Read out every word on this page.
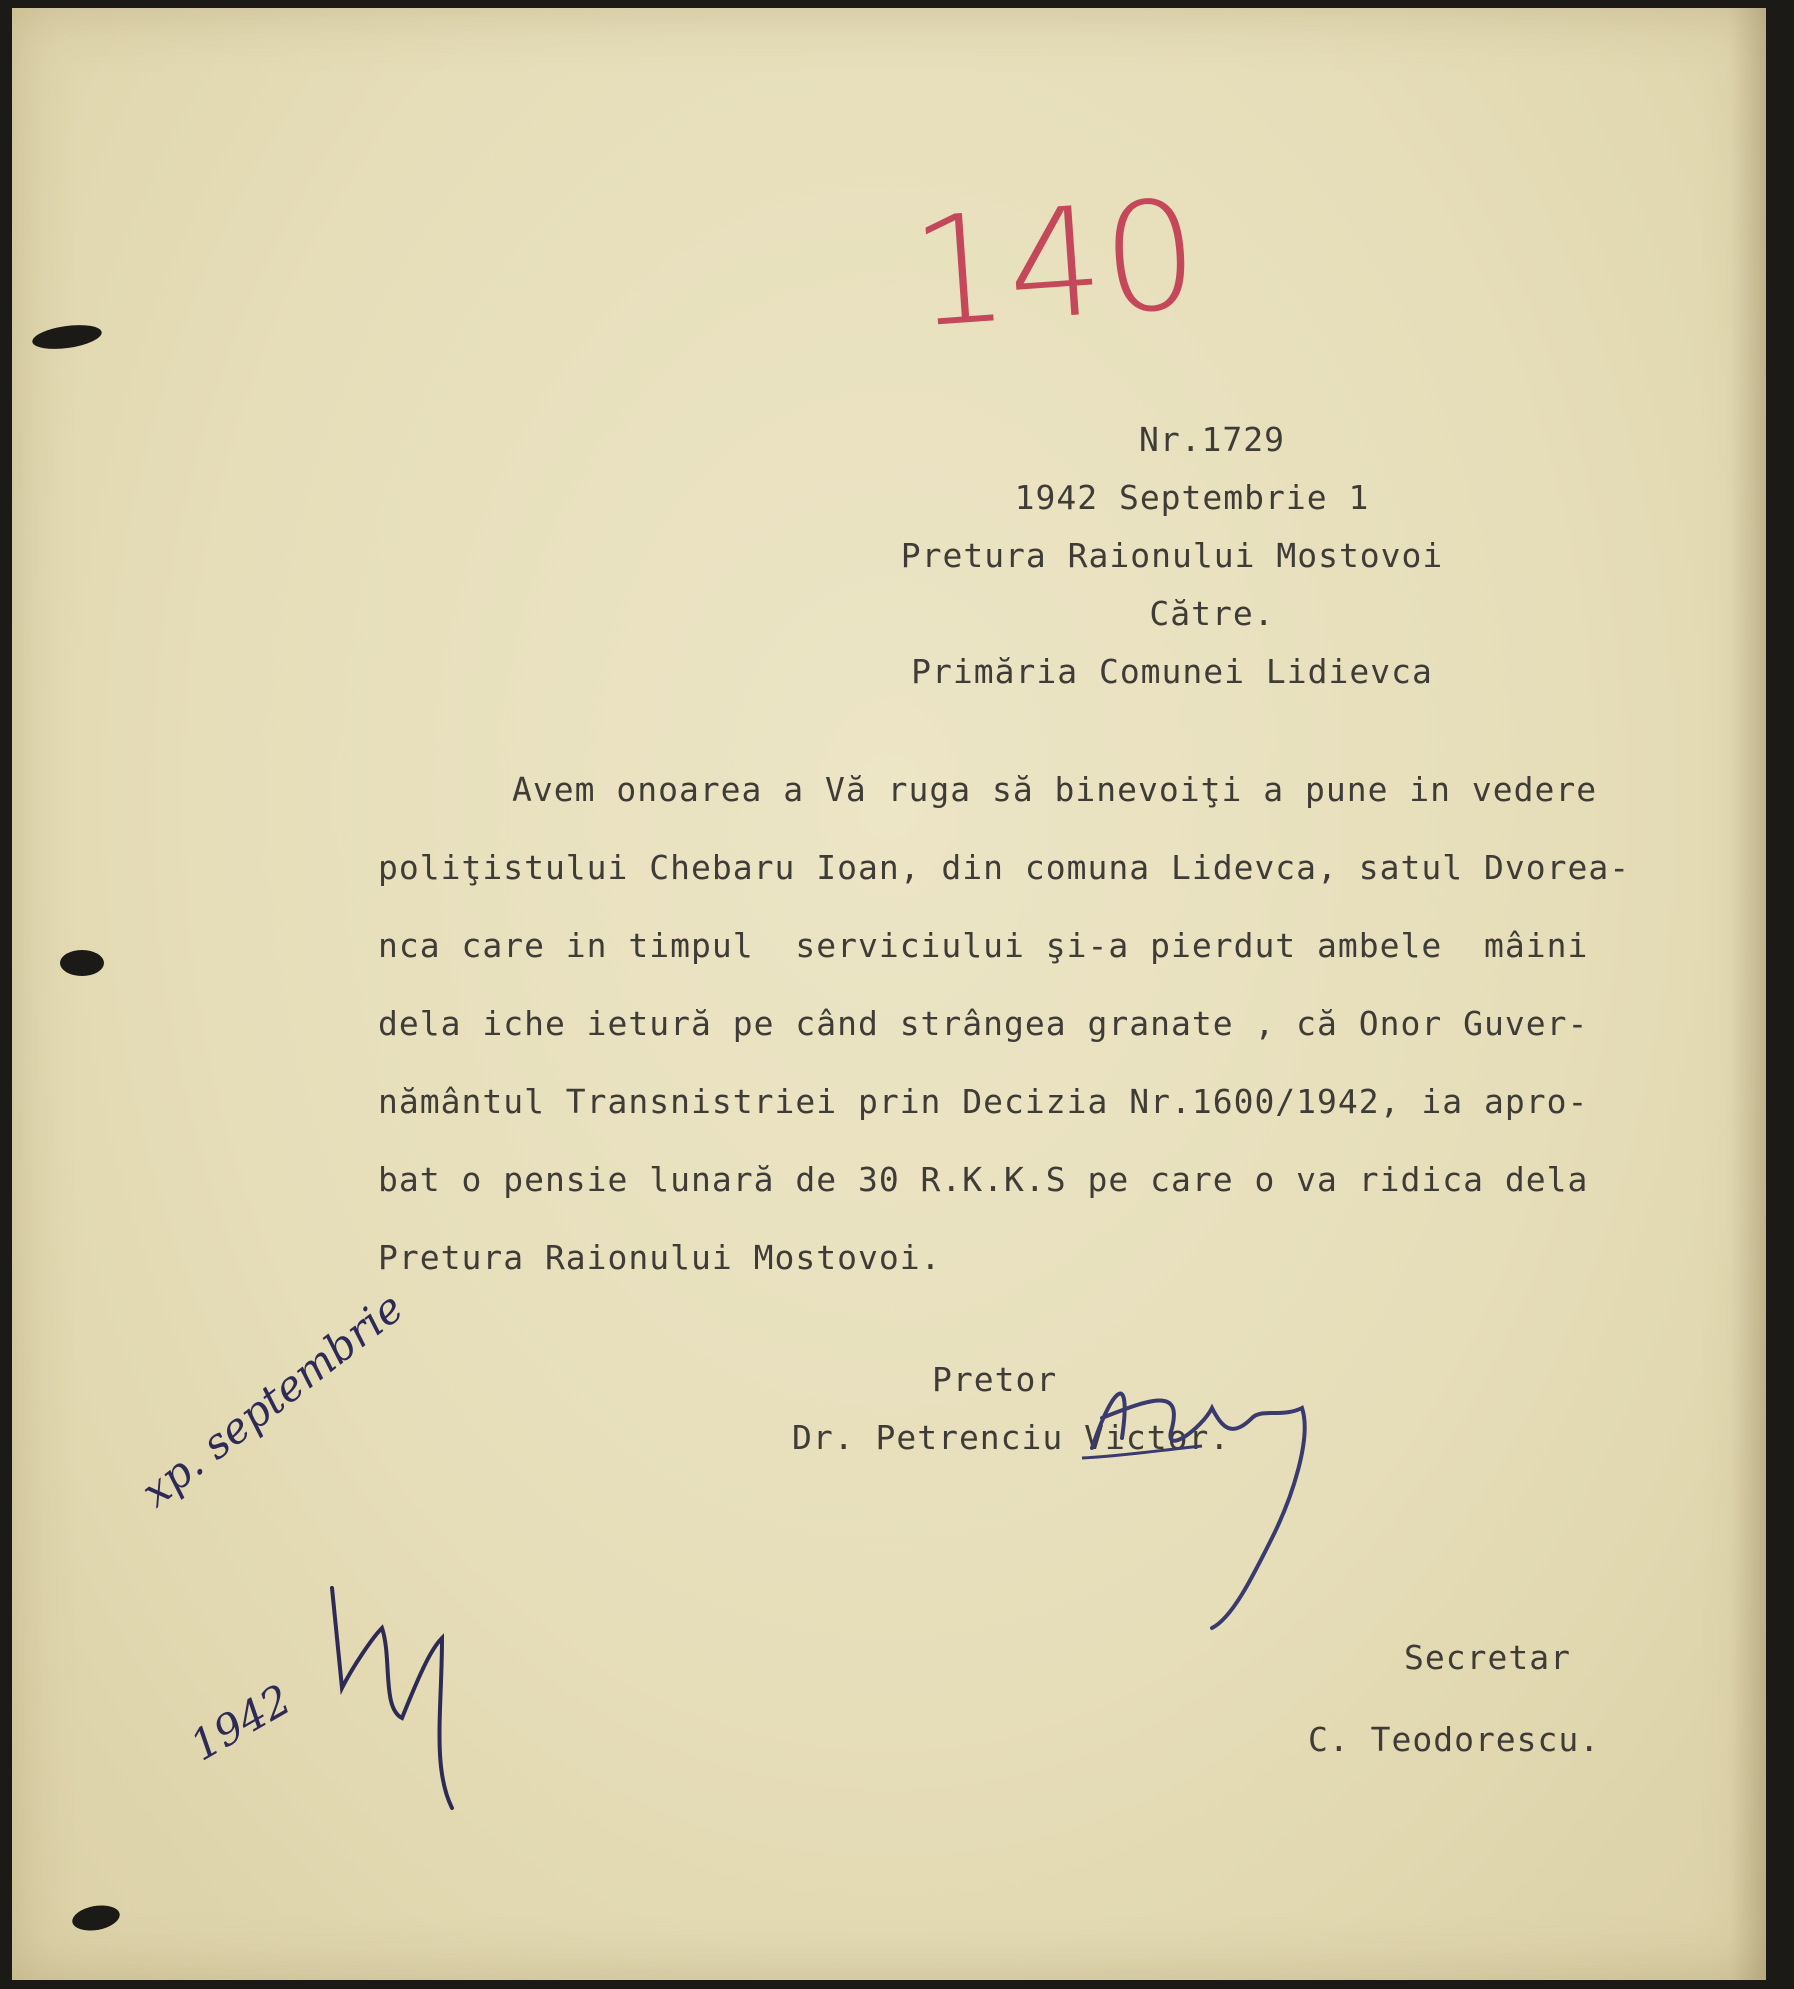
140
Nr.1729
1942 Septembrie 1
Pretura Raionului Mostovoi
Către.
Primăria Comunei Lidievca
Avem onoarea a Vă ruga să binevoiţi a pune in vedere
poliţistului Chebaru Ioan, din comuna Lidevca, satul Dvorea-
nca care in timpul  serviciului şi-a pierdut ambele  mâini
dela iche ietură pe când strângea granate , că Onor Guver-
nământul Transnistriei prin Decizia Nr.1600/1942, ia apro-
bat o pensie lunară de 30 R.K.K.S pe care o va ridica dela
Pretura Raionului Mostovoi.
Pretor
Dr. Petrenciu Victor.
Secretar
C. Teodorescu.
xp. septembrie
1942
